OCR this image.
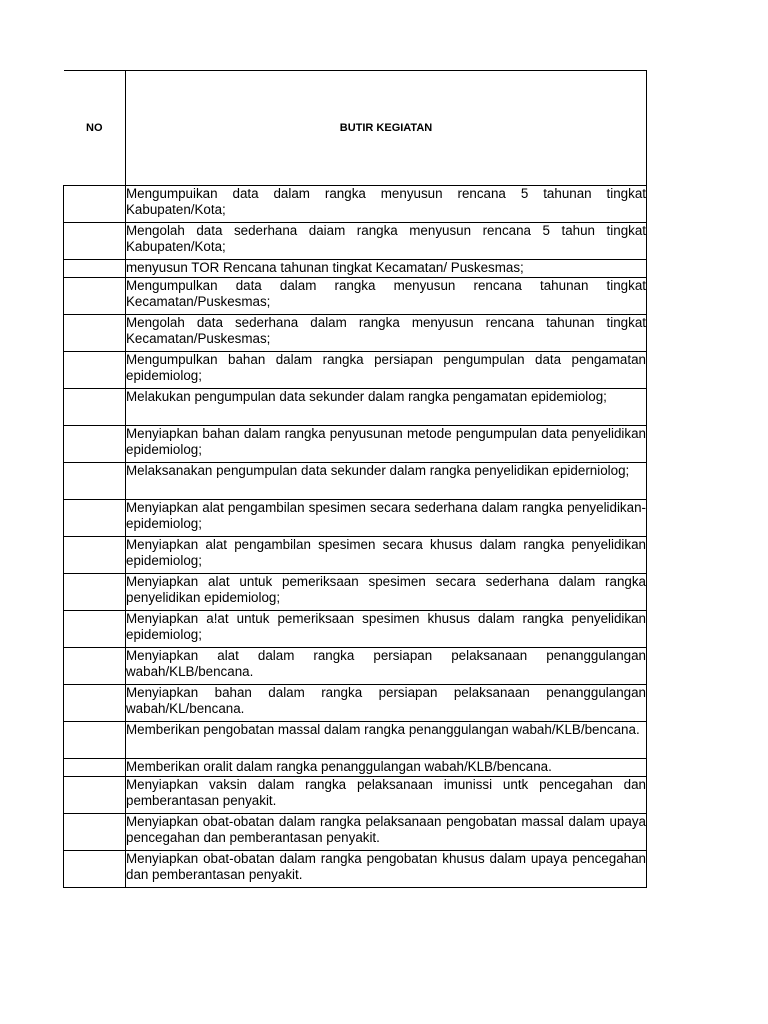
NO	BUTIR KEGIATAN
	Mengumpuikan data dalam rangka menyusun rencana 5 tahunan tingkat Kabupaten/Kota;
	Mengolah data sederhana daiam rangka menyusun rencana 5 tahun tingkat Kabupaten/Kota;
	menyusun TOR Rencana tahunan tingkat Kecamatan/ Puskesmas;
	Mengumpulkan data dalam rangka menyusun rencana tahunan tingkat Kecamatan/Puskesmas;
	Mengolah data sederhana dalam rangka menyusun rencana tahunan tingkat Kecamatan/Puskesmas;
	Mengumpulkan bahan dalam rangka persiapan pengumpulan data pengamatan epidemiolog;
	Melakukan pengumpulan data sekunder dalam rangka pengamatan epidemiolog;
	Menyiapkan bahan dalam rangka penyusunan metode pengumpulan data penyelidikan epidemiolog;
	Melaksanakan pengumpulan data sekunder dalam rangka penyelidikan epiderniolog;
	Menyiapkan alat pengambilan spesimen secara sederhana dalam rangka penyelidikan-epidemiolog;
	Menyiapkan alat pengambilan spesimen secara khusus dalam rangka penyelidikan epidemiolog;
	Menyiapkan alat untuk pemeriksaan spesimen secara sederhana dalam rangka penyelidikan epidemiolog;
	Menyiapkan a!at untuk pemeriksaan spesimen khusus dalam rangka penyelidikan epidemiolog;
	Menyiapkan alat dalam rangka persiapan pelaksanaan penanggulangan wabah/KLB/bencana.
	Menyiapkan bahan dalam rangka persiapan pelaksanaan penanggulangan wabah/KL/bencana.
	Memberikan pengobatan massal dalam rangka penanggulangan wabah/KLB/bencana.
	Memberikan oralit dalam rangka penanggulangan wabah/KLB/bencana.
	Menyiapkan vaksin dalam rangka pelaksanaan imunissi untk pencegahan dan pemberantasan penyakit.
	Menyiapkan obat-obatan dalam rangka pelaksanaan pengobatan massal dalam upaya pencegahan dan pemberantasan penyakit.
	Menyiapkan obat-obatan dalam rangka pengobatan khusus dalam upaya pencegahan dan pemberantasan penyakit.
